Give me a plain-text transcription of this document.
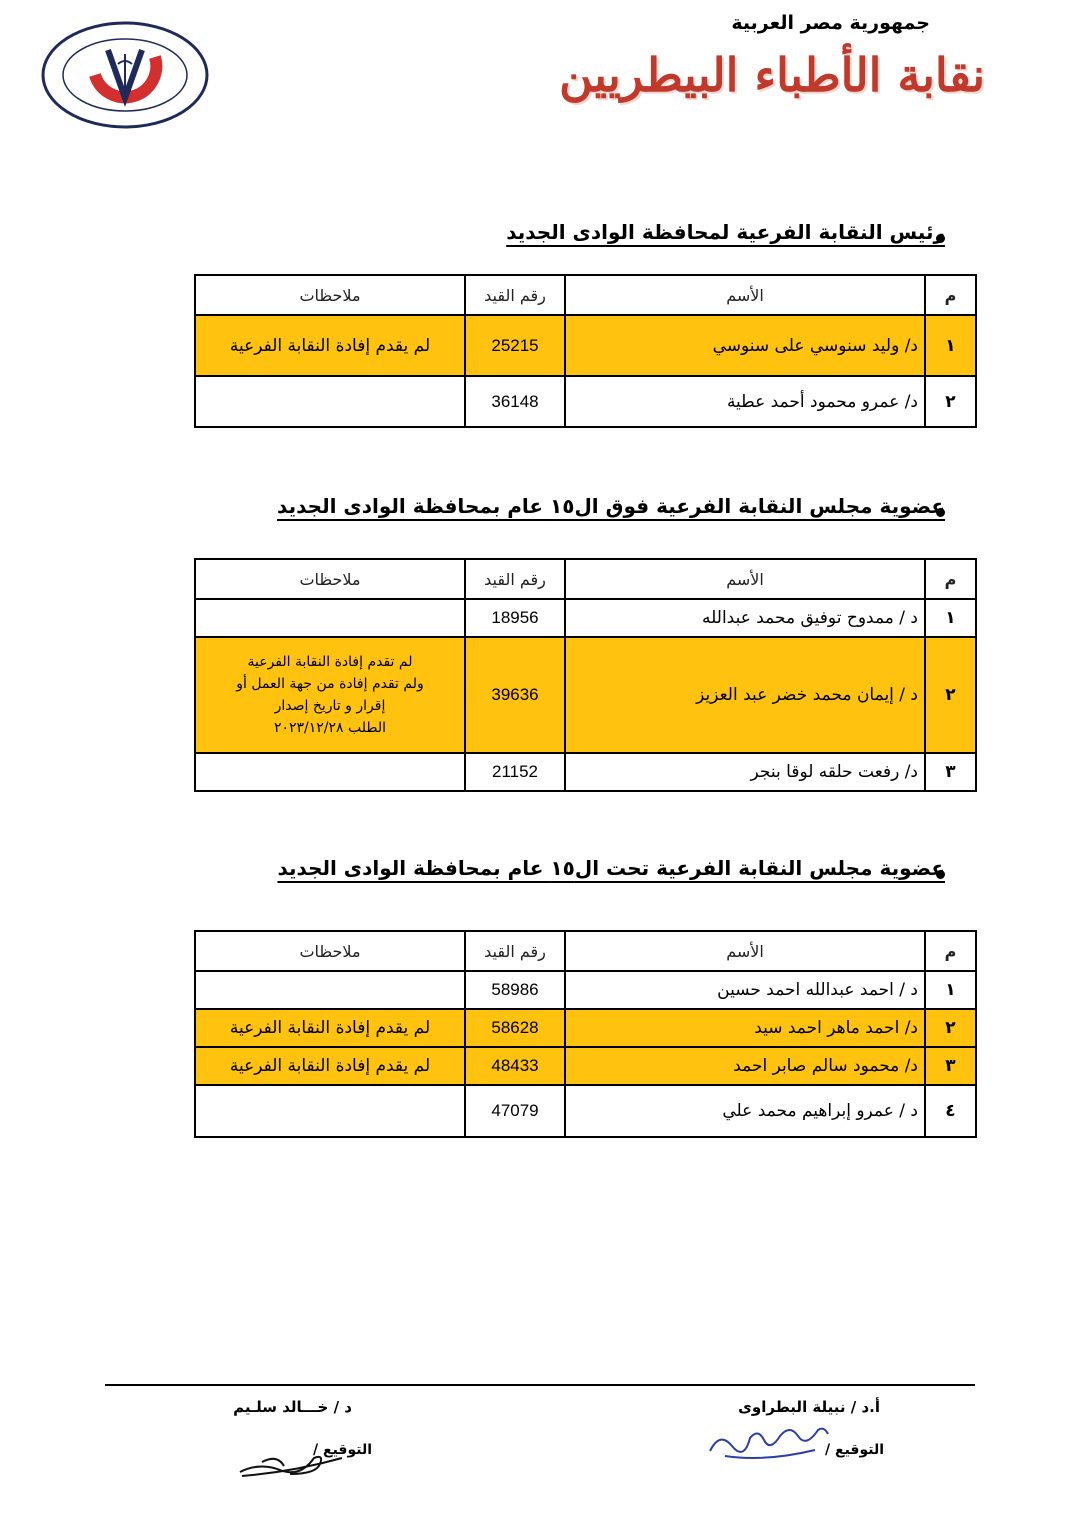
جمهورية مصر العربية
نقابة الأطباء البيطريين
رئيس النقابة الفرعية لمحافظة الوادى الجديد
م	الأسم	رقم القيد	ملاحظات
١	د/ وليد سنوسي على سنوسي	25215	لم يقدم إفادة النقابة الفرعية
٢	د/ عمرو محمود أحمد عطية	36148	
عضوية مجلس النقابة الفرعية فوق ال١٥ عام بمحافظة الوادى الجديد
م	الأسم	رقم القيد	ملاحظات
١	د / ممدوح توفيق محمد عبدالله	18956	
٢	د / إيمان محمد خضر عبد العزيز	39636	لم تقدم إفادة النقابة الفرعية
ولم تقدم إفادة من جهة العمل أو
إقرار و تاريخ إصدار
الطلب ٢٠٢٣/١٢/٢٨

٣	د/ رفعت حلقه لوقا بنجر	21152	
عضوية مجلس النقابة الفرعية تحت ال١٥ عام بمحافظة الوادى الجديد
م	الأسم	رقم القيد	ملاحظات
١	د / احمد عبدالله احمد حسين	58986	
٢	د/ احمد ماهر احمد سيد	58628	لم يقدم إفادة النقابة الفرعية
٣	د/ محمود سالم صابر احمد	48433	لم يقدم إفادة النقابة الفرعية
٤	د / عمرو إبراهيم محمد علي	47079	
أ.د / نبيلة البطراوى
التوقيع /
د / خـــالد سلـيم
التوقيع /
